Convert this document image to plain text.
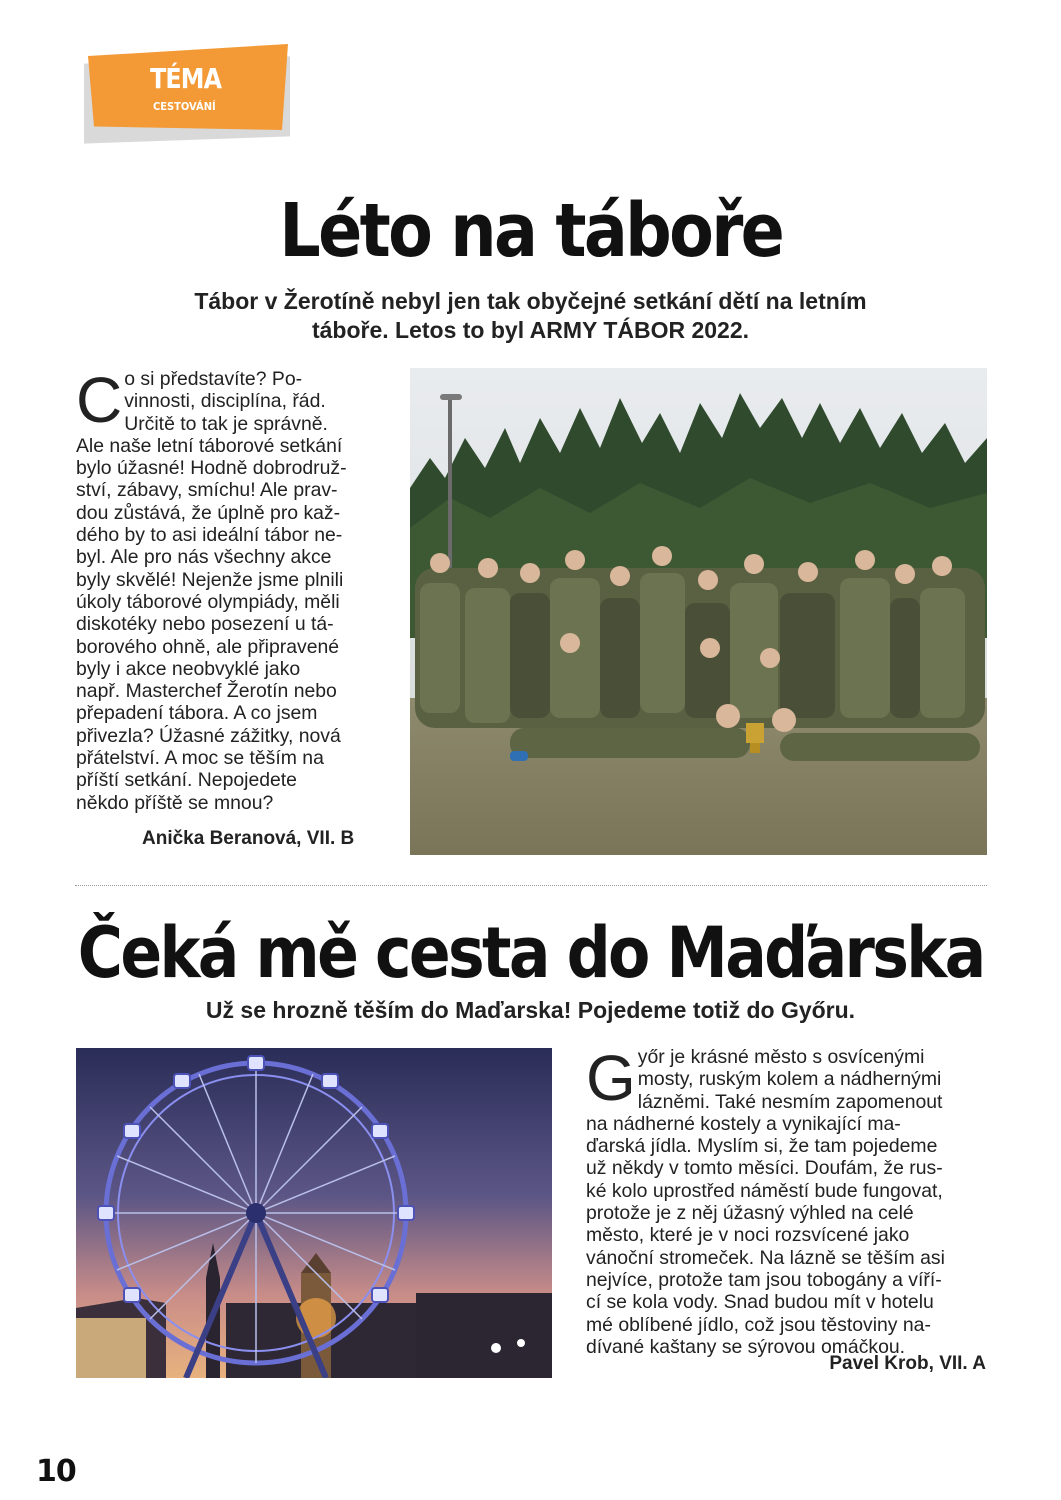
TÉMA
CESTOVÁNÍ
Léto na táboře
Tábor v Žerotíně nebyl jen tak obyčejné setkání dětí na letním
táboře. Letos to byl ARMY TÁBOR 2022.
C o si představíte? Po-
vinnosti, disciplína, řád.
Určitě to tak je správně.
Ale naše letní táborové setkání
bylo úžasné! Hodně dobrodruž-
ství, zábavy, smíchu! Ale prav-
dou zůstává, že úplně pro kaž-
dého by to asi ideální tábor ne-
byl. Ale pro nás všechny akce
byly skvělé! Nejenže jsme plnili
úkoly táborové olympiády, měli
diskotéky nebo posezení u tá-
borového ohně, ale připravené
byly i akce neobvyklé jako
např. Masterchef Žerotín nebo
přepadení tábora. A co jsem
přivezla? Úžasné zážitky, nová
přátelství. A moc se těším na
příští setkání. Nepojedete
někdo příště se mnou?
Anička Beranová, VII. B
Čeká mě cesta do Maďarska
Už se hrozně těším do Maďarska! Pojedeme totiž do Győru.
G yőr je krásné město s osvícenými
mosty, ruským kolem a nádhernými
lázněmi. Také nesmím zapomenout
na nádherné kostely a vynikající ma-
ďarská jídla. Myslím si, že tam pojedeme
už někdy v tomto měsíci. Doufám, že rus-
ké kolo uprostřed náměstí bude fungovat,
protože je z něj úžasný výhled na celé
město, které je v noci rozsvícené jako
vánoční stromeček. Na lázně se těším asi
nejvíce, protože tam jsou tobogány a víří-
cí se kola vody. Snad budou mít v hotelu
mé oblíbené jídlo, což jsou těstoviny na-
dívané kaštany se sýrovou omáčkou.
Pavel Krob, VII. A
10
